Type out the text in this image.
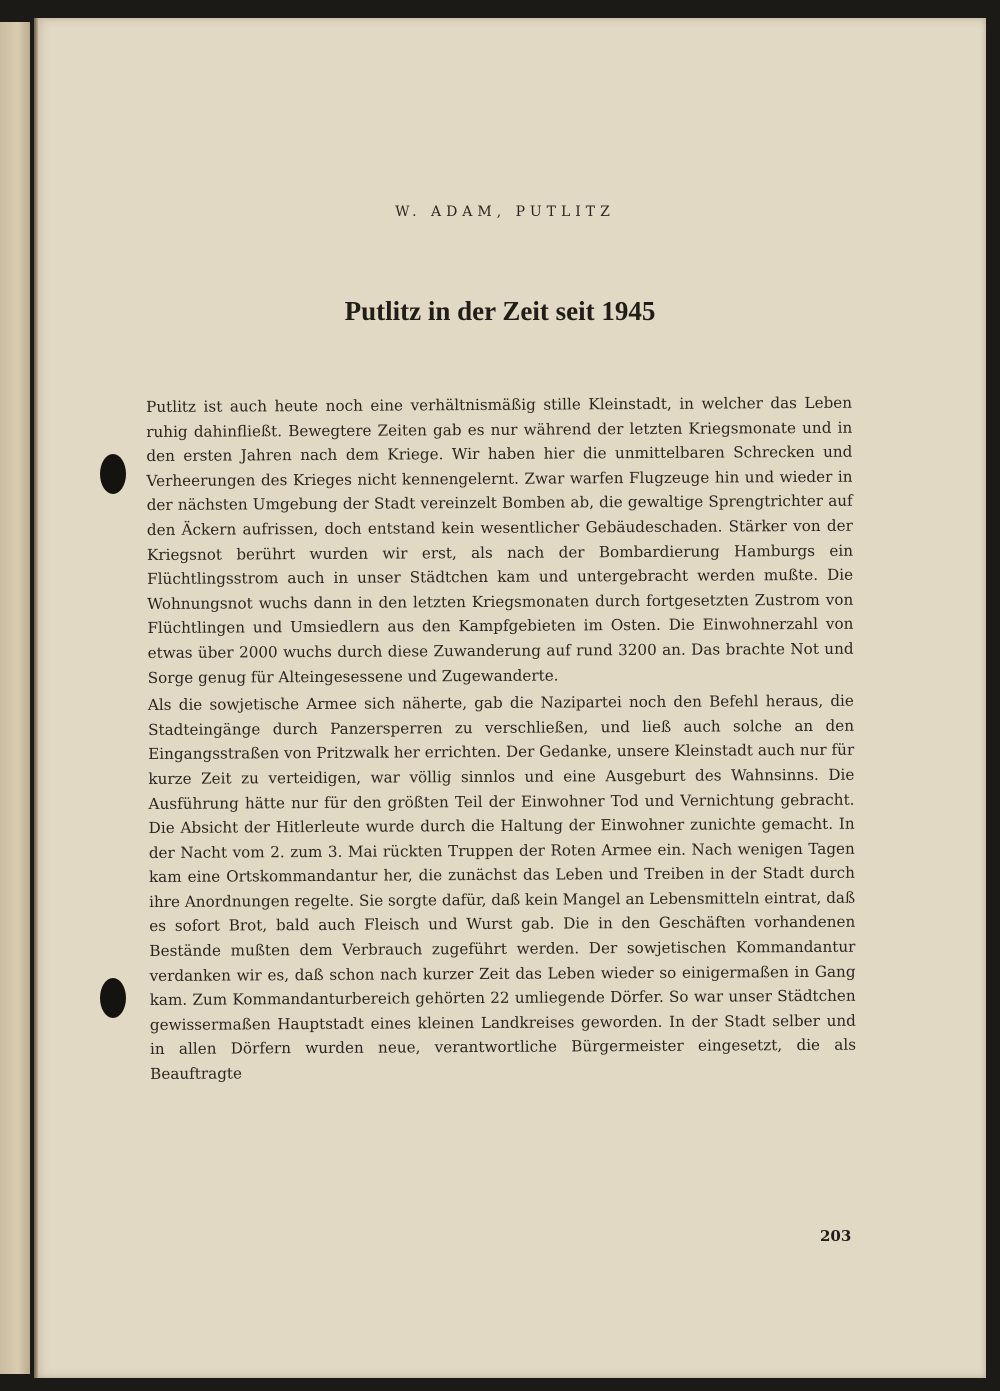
W. ADAM, PUTLITZ
Putlitz in der Zeit seit 1945

Putlitz ist auch heute noch eine verhältnismäßig stille Kleinstadt, in welcher das Leben ruhig dahinfließt. Bewegtere Zeiten gab es nur während der letzten Kriegsmonate und in den ersten Jahren nach dem Kriege. Wir haben hier die unmittelbaren Schrecken und Verheerungen des Krieges nicht kennengelernt. Zwar warfen Flugzeuge hin und wieder in der nächsten Umgebung der Stadt vereinzelt Bomben ab, die gewaltige Sprengtrichter auf den Äckern aufrissen, doch entstand kein wesentlicher Gebäudeschaden. Stärker von der Kriegsnot berührt wurden wir erst, als nach der Bombardierung Hamburgs ein Flüchtlingsstrom auch in unser Städtchen kam und untergebracht werden mußte. Die Wohnungsnot wuchs dann in den letzten Kriegsmonaten durch fortgesetzten Zustrom von Flüchtlingen und Umsiedlern aus den Kampfgebieten im Osten. Die Einwohnerzahl von etwas über 2000 wuchs durch diese Zuwanderung auf rund 3200 an. Das brachte Not und Sorge genug für Alteingesessene und Zugewanderte.

Als die sowjetische Armee sich näherte, gab die Nazipartei noch den Befehl heraus, die Stadteingänge durch Panzersperren zu verschließen, und ließ auch solche an den Eingangsstraßen von Pritzwalk her errichten. Der Gedanke, unsere Kleinstadt auch nur für kurze Zeit zu verteidigen, war völlig sinnlos und eine Ausgeburt des Wahnsinns. Die Ausführung hätte nur für den größten Teil der Einwohner Tod und Vernichtung gebracht. Die Absicht der Hitlerleute wurde durch die Haltung der Einwohner zunichte gemacht. In der Nacht vom 2. zum 3. Mai rückten Truppen der Roten Armee ein. Nach wenigen Tagen kam eine Ortskommandantur her, die zunächst das Leben und Treiben in der Stadt durch ihre Anordnungen regelte. Sie sorgte dafür, daß kein Mangel an Lebensmitteln eintrat, daß es sofort Brot, bald auch Fleisch und Wurst gab. Die in den Geschäften vorhandenen Bestände mußten dem Verbrauch zugeführt werden. Der sowjetischen Kommandantur verdanken wir es, daß schon nach kurzer Zeit das Leben wieder so einigermaßen in Gang kam. Zum Kommandanturbereich gehörten 22 umliegende Dörfer. So war unser Städtchen gewissermaßen Hauptstadt eines kleinen Landkreises geworden. In der Stadt selber und in allen Dörfern wurden neue, verantwortliche Bürgermeister eingesetzt, die als Beauftragte

203
